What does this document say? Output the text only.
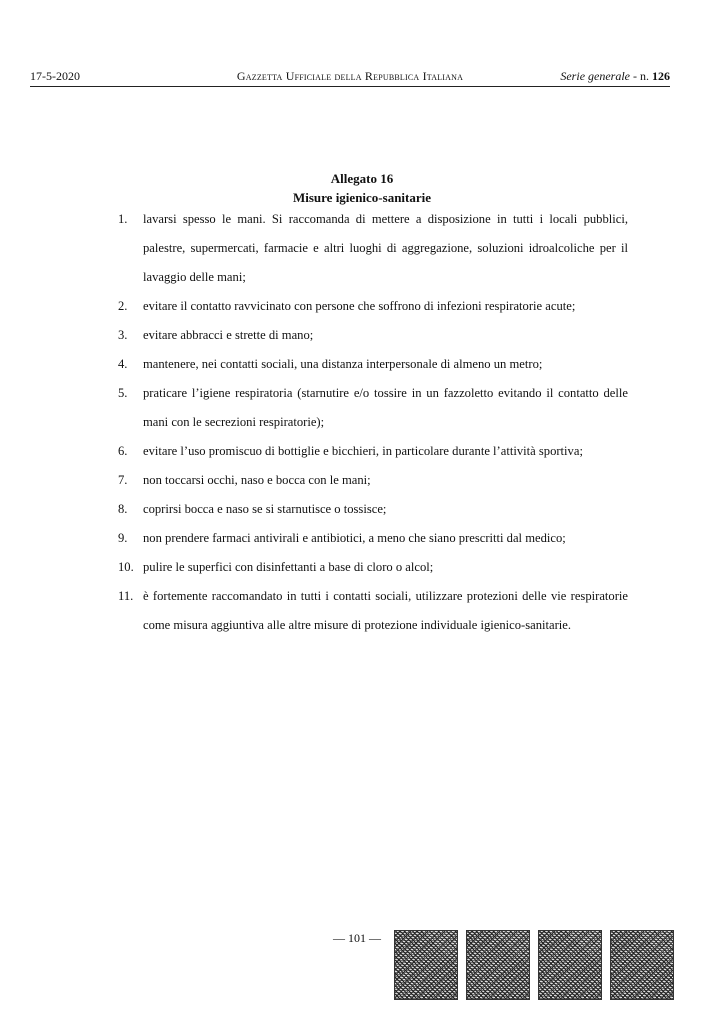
17-5-2020	Gazzetta Ufficiale della Repubblica Italiana	Serie generale - n. 126
Allegato 16
Misure igienico-sanitarie
1. lavarsi spesso le mani. Si raccomanda di mettere a disposizione in tutti i locali pubblici, palestre, supermercati, farmacie e altri luoghi di aggregazione, soluzioni idroalcoliche per il lavaggio delle mani;
2. evitare il contatto ravvicinato con persone che soffrono di infezioni respiratorie acute;
3. evitare abbracci e strette di mano;
4. mantenere, nei contatti sociali, una distanza interpersonale di almeno un metro;
5. praticare l’igiene respiratoria (starnutire e/o tossire in un fazzoletto evitando il contatto delle mani con le secrezioni respiratorie);
6. evitare l’uso promiscuo di bottiglie e bicchieri, in particolare durante l’attività sportiva;
7. non toccarsi occhi, naso e bocca con le mani;
8. coprirsi bocca e naso se si starnutisce o tossisce;
9. non prendere farmaci antivirali e antibiotici, a meno che siano prescritti dal medico;
10. pulire le superfici con disinfettanti a base di cloro o alcol;
11. è fortemente raccomandato in tutti i contatti sociali, utilizzare protezioni delle vie respiratorie come misura aggiuntiva alle altre misure di protezione individuale igienico-sanitarie.
— 101 —
